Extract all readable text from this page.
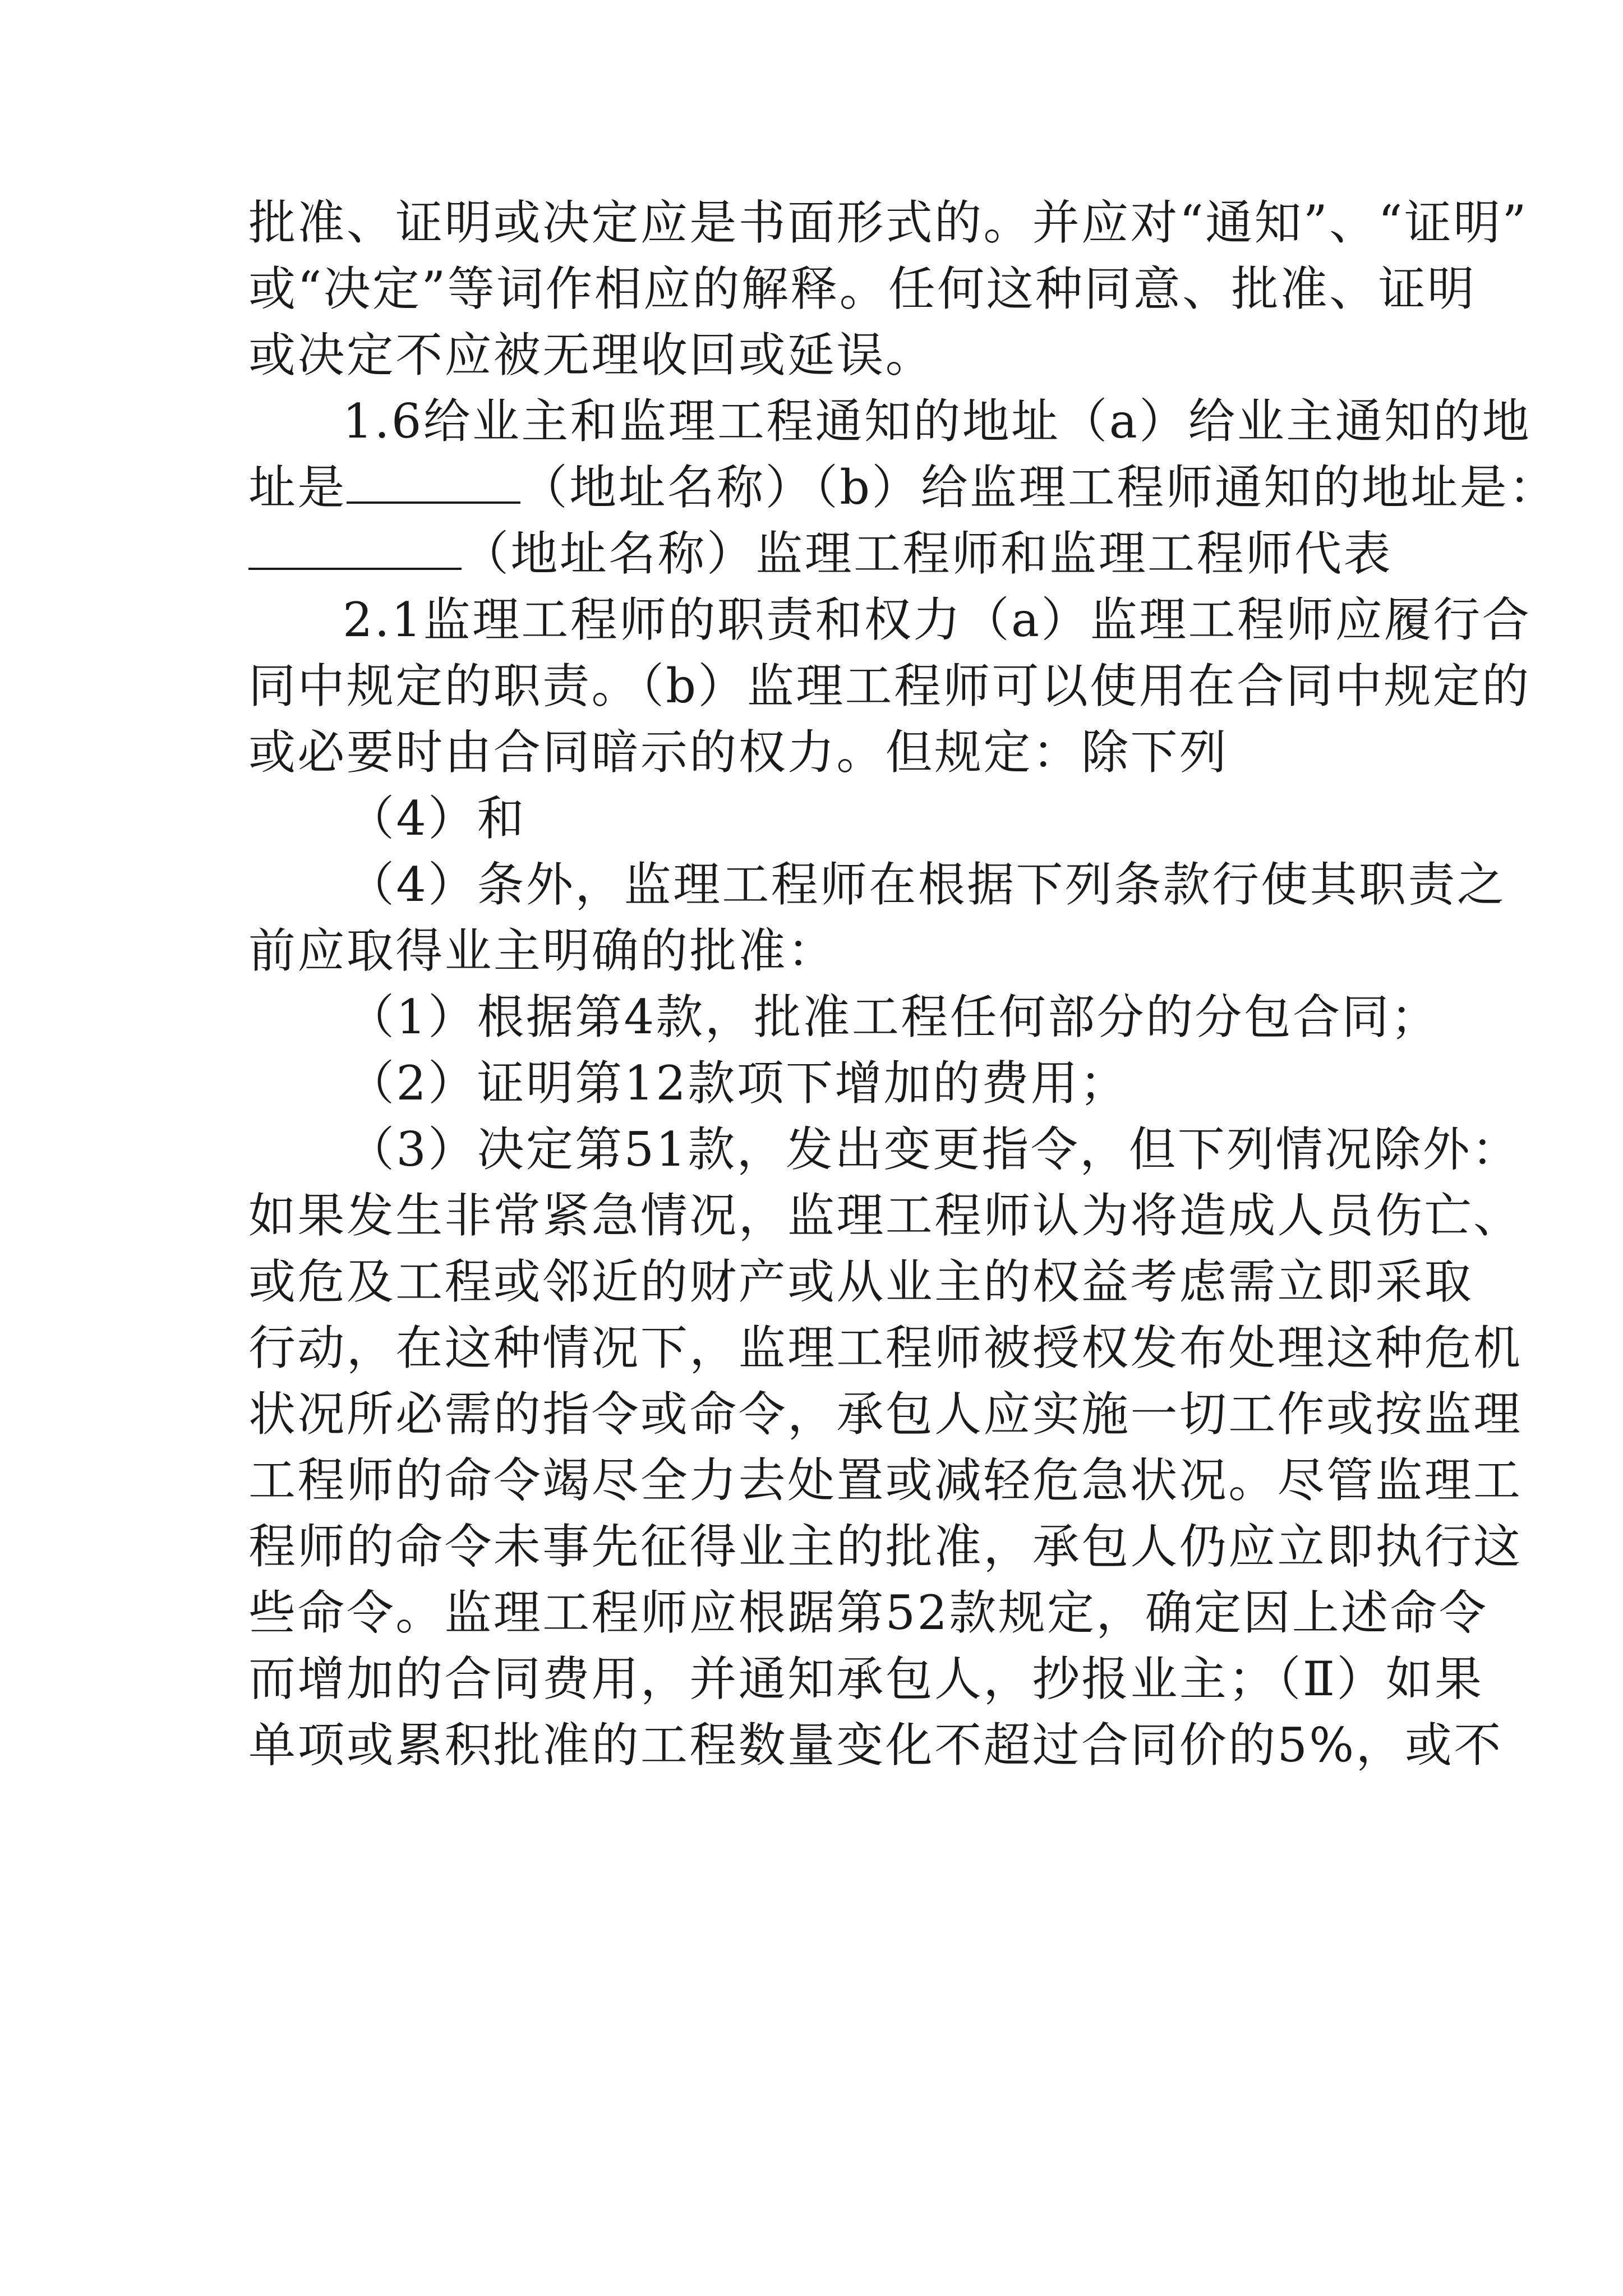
批准、证明或决定应是书面形式的。并应对“通知”、“证明”
或“决定”等词作相应的解释。任何这种同意、批准、证明
或决定不应被无理收回或延误。
1.6给业主和监理工程通知的地址（a）给业主通知的地
址是	（地址名称）（b）给监理工程师通知的地址是：
（地址名称）监理工程师和监理工程师代表
2.1监理工程师的职责和权力（a）监理工程师应履行合
同中规定的职责。（b）监理工程师可以使用在合同中规定的
或必要时由合同暗示的权力。但规定：除下列
（4）和
（4）条外，监理工程师在根据下列条款行使其职责之
前应取得业主明确的批准：
（1）根据第4款，批准工程任何部分的分包合同；
（2）证明第12款项下增加的费用；
（3）决定第51款，发出变更指令，但下列情况除外：
如果发生非常紧急情况，监理工程师认为将造成人员伤亡、
或危及工程或邻近的财产或从业主的权益考虑需立即采取
行动，在这种情况下，监理工程师被授权发布处理这种危机
状况所必需的指令或命令，承包人应实施一切工作或按监理
工程师的命令竭尽全力去处置或减轻危急状况。尽管监理工
程师的命令未事先征得业主的批准，承包人仍应立即执行这
些命令。监理工程师应根踞第52款规定，确定因上述命令
而增加的合同费用，并通知承包人，抄报业主；（Ⅱ）如果
单项或累积批准的工程数量变化不超过合同价的5%，或不
